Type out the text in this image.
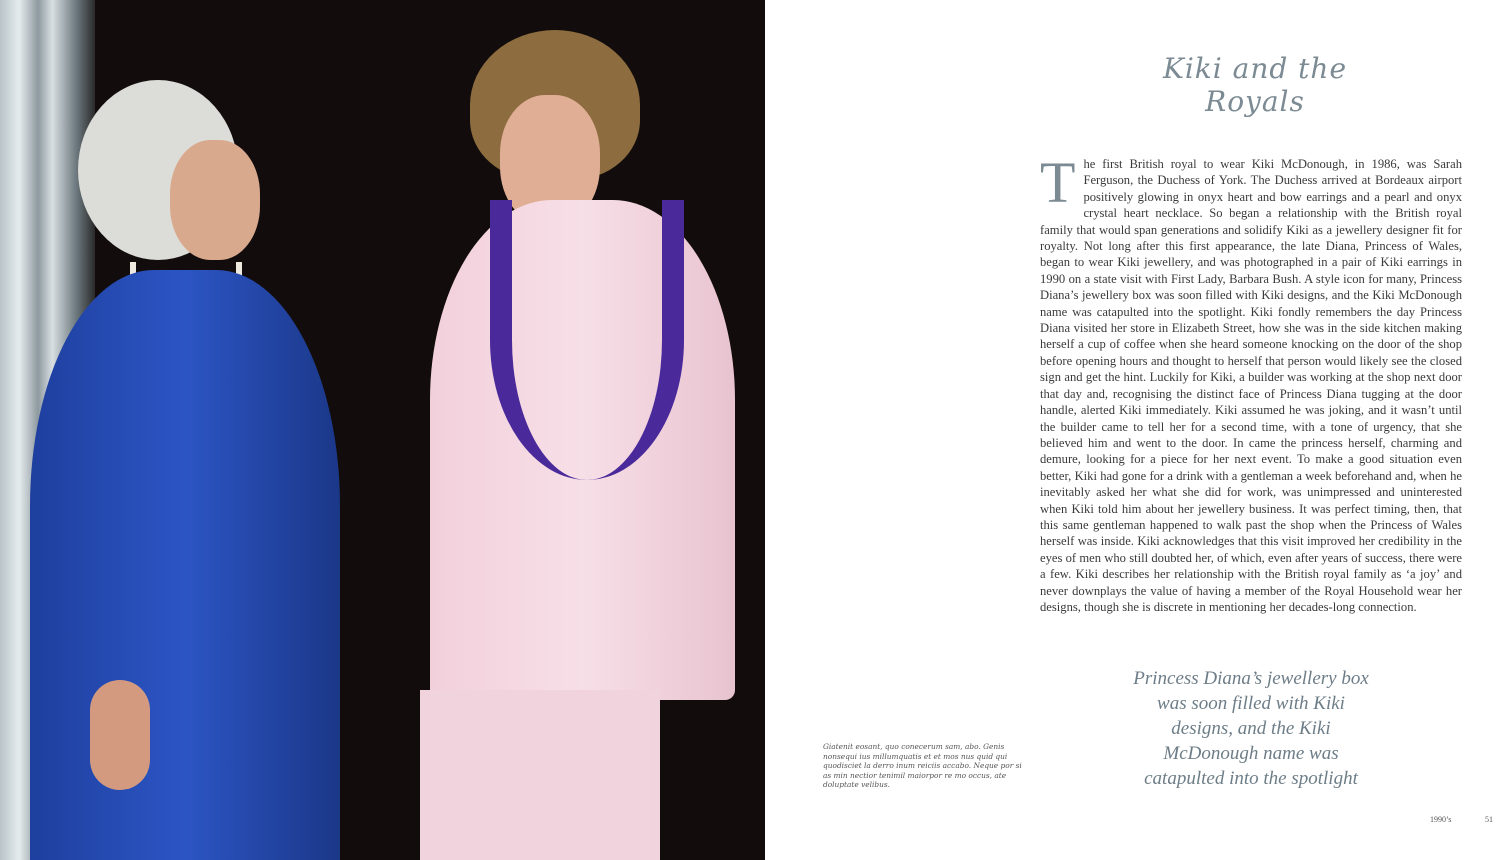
Kiki and the Royals

The first British royal to wear Kiki McDonough, in 1986, was Sarah Ferguson, the Duchess of York. The Duchess arrived at Bordeaux airport positively glowing in onyx heart and bow earrings and a pearl and onyx crystal heart necklace. So began a relationship with the British royal family that would span generations and solidify Kiki as a jewellery designer fit for royalty. Not long after this first appearance, the late Diana, Princess of Wales, began to wear Kiki jewellery, and was photographed in a pair of Kiki earrings in 1990 on a state visit with First Lady, Barbara Bush. A style icon for many, Princess Diana’s jewellery box was soon filled with Kiki designs, and the Kiki McDonough name was catapulted into the spotlight. Kiki fondly remembers the day Princess Diana visited her store in Elizabeth Street, how she was in the side kitchen making herself a cup of coffee when she heard someone knocking on the door of the shop before opening hours and thought to herself that person would likely see the closed sign and get the hint. Luckily for Kiki, a builder was working at the shop next door that day and, recognising the distinct face of Princess Diana tugging at the door handle, alerted Kiki immediately. Kiki assumed he was joking, and it wasn’t until the builder came to tell her for a second time, with a tone of urgency, that she believed him and went to the door. In came the princess herself, charming and demure, looking for a piece for her next event. To make a good situation even better, Kiki had gone for a drink with a gentleman a week beforehand and, when he inevitably asked her what she did for work, was unimpressed and uninterested when Kiki told him about her jewellery business. It was perfect timing, then, that this same gentleman happened to walk past the shop when the Princess of Wales herself was inside. Kiki acknowledges that this visit improved her credibility in the eyes of men who still doubted her, of which, even after years of success, there were a few. Kiki describes her relationship with the British royal family as ‘a joy’ and never downplays the value of having a member of the Royal Household wear her designs, though she is discrete in mentioning her decades-long connection.

Giatenit eosant, quo conecerum sam, abo. Genis nonsequi ius millumquatis et et mos nus quid qui quodisciet la derro inum reiciis accabo. Neque por si as min nectior tenimil maiorpor re mo occus, ate doluptate velibus.

Princess Diana’s jewellery box was soon filled with Kiki designs, and the Kiki McDonough name was catapulted into the spotlight

1990’s	51
